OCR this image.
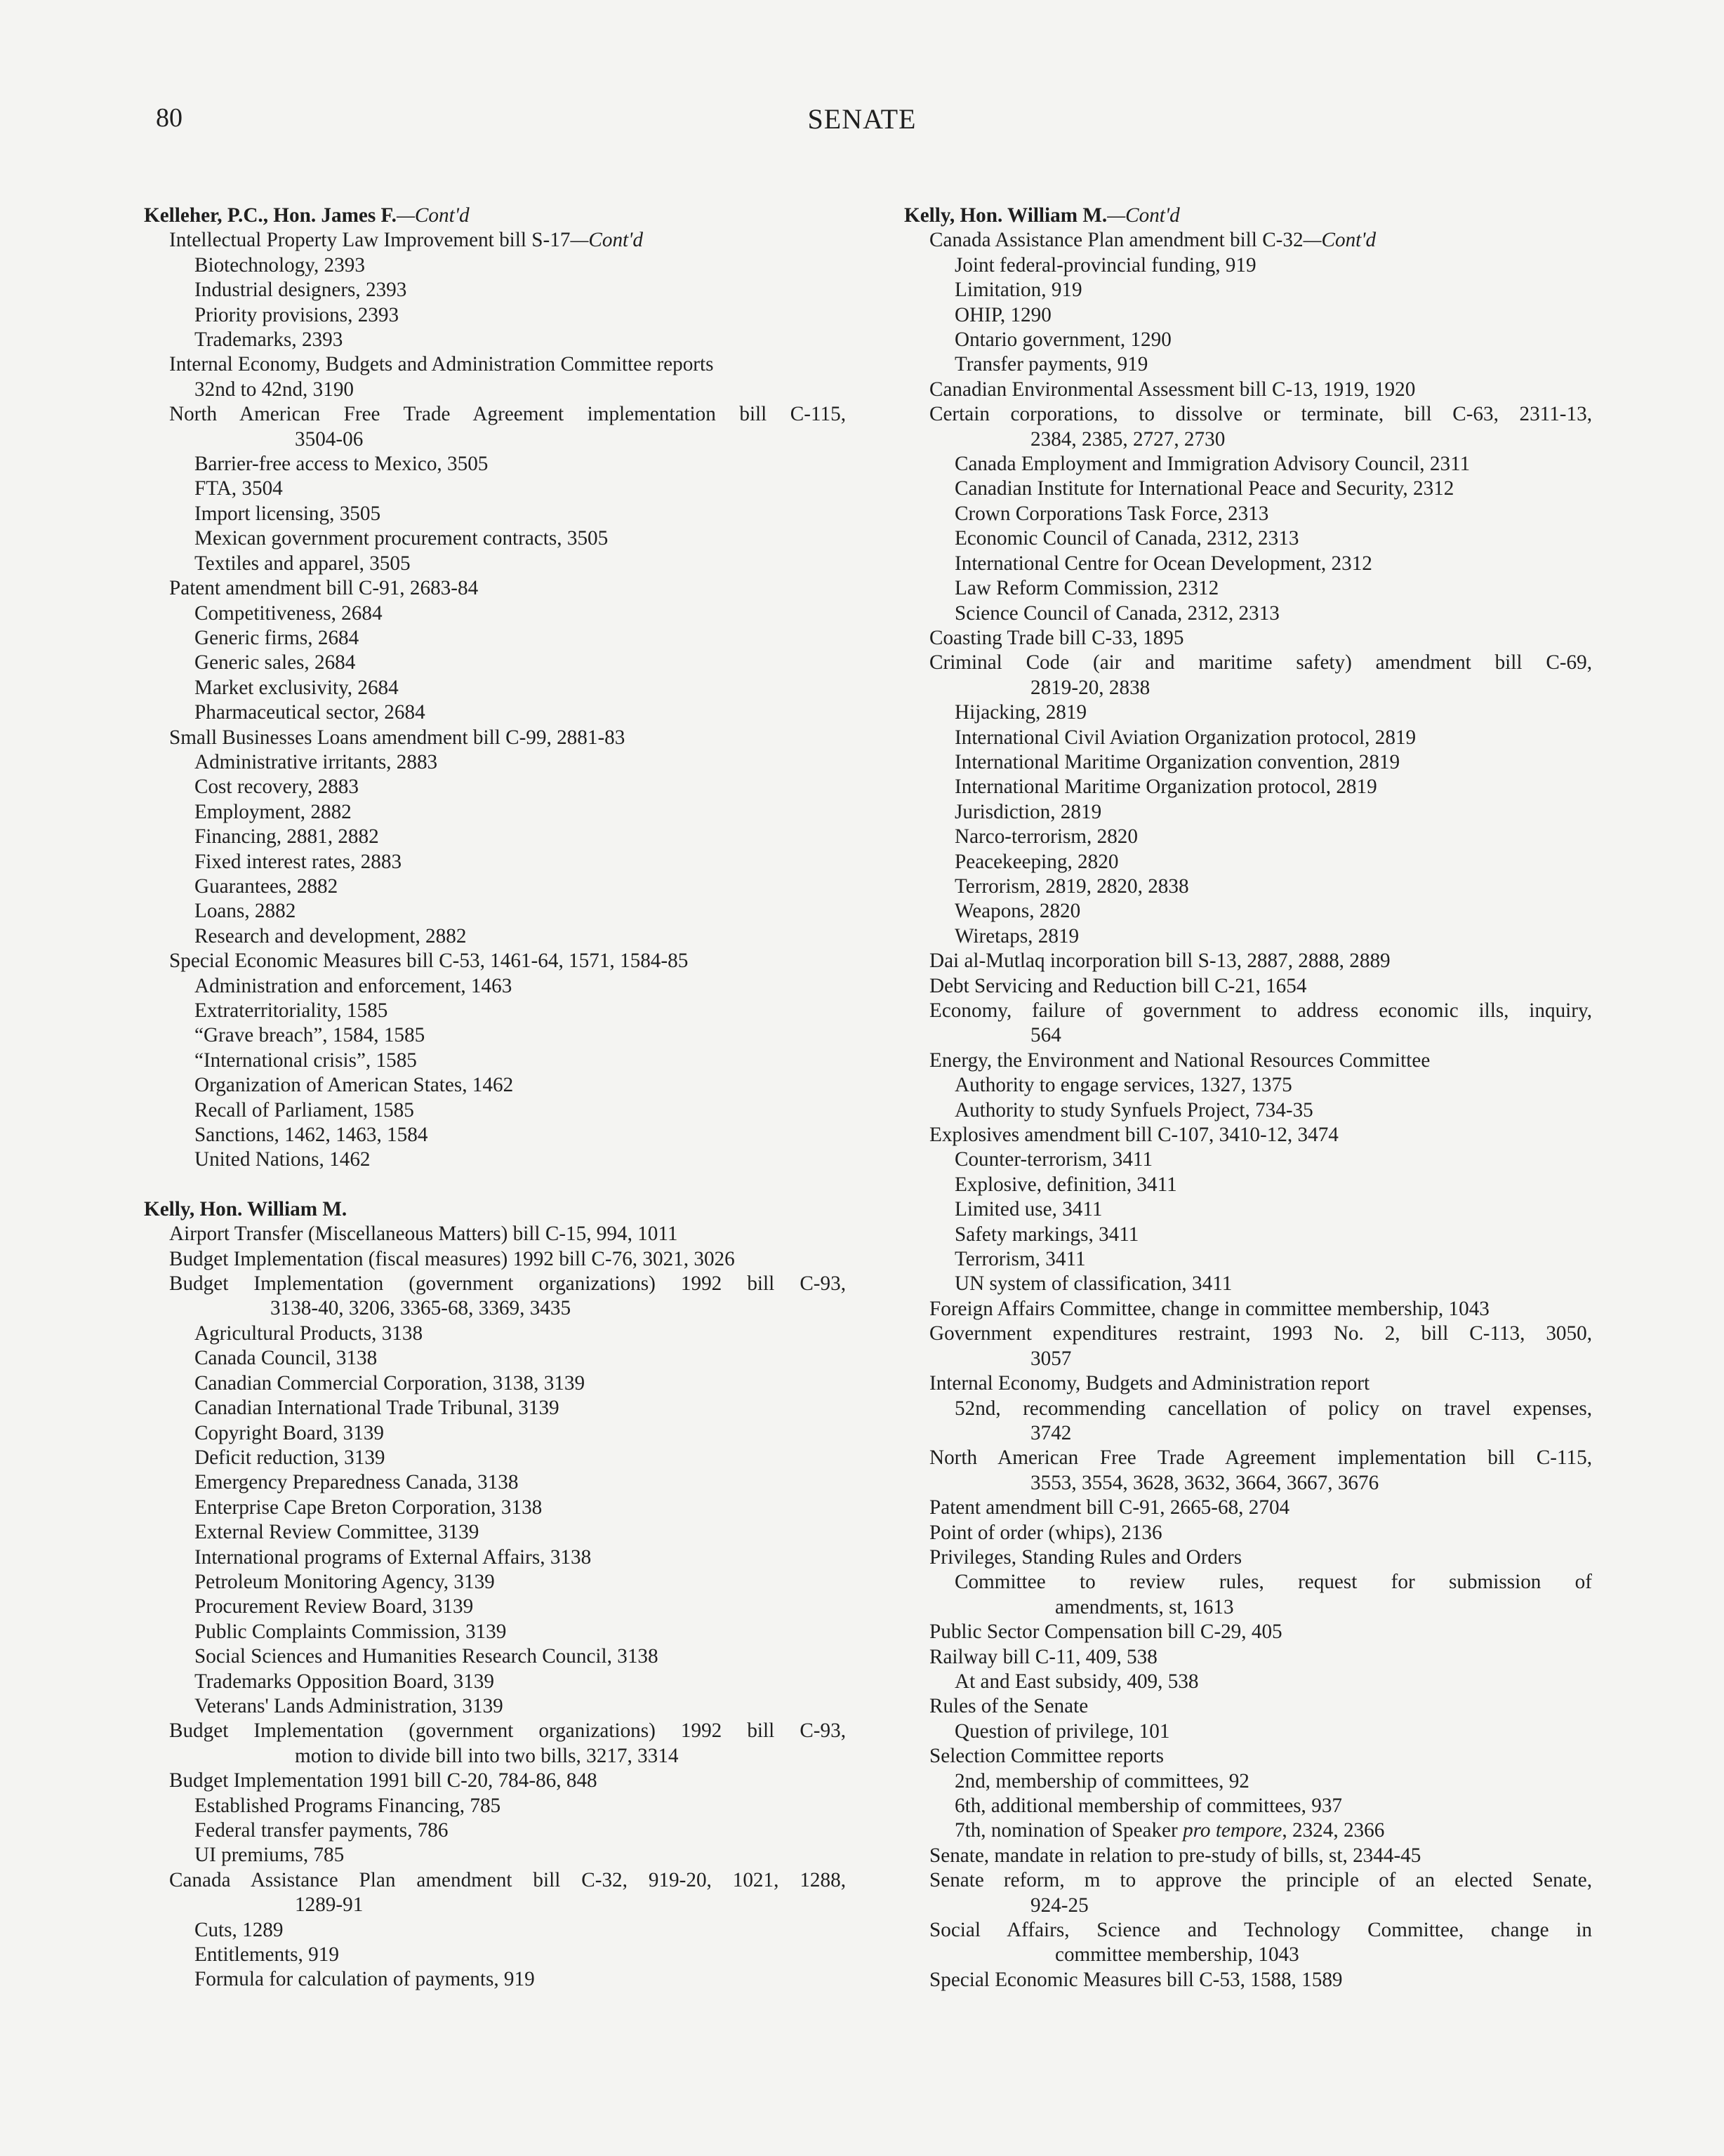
80	SENATE
Kelleher, P.C., Hon. James F.—Cont'd
Intellectual Property Law Improvement bill S-17—Cont'd
Biotechnology, 2393
Industrial designers, 2393
Priority provisions, 2393
Trademarks, 2393
Internal Economy, Budgets and Administration Committee reports
32nd to 42nd, 3190
North American Free Trade Agreement implementation bill C-115,
3504-06
Barrier-free access to Mexico, 3505
FTA, 3504
Import licensing, 3505
Mexican government procurement contracts, 3505
Textiles and apparel, 3505
Patent amendment bill C-91, 2683-84
Competitiveness, 2684
Generic firms, 2684
Generic sales, 2684
Market exclusivity, 2684
Pharmaceutical sector, 2684
Small Businesses Loans amendment bill C-99, 2881-83
Administrative irritants, 2883
Cost recovery, 2883
Employment, 2882
Financing, 2881, 2882
Fixed interest rates, 2883
Guarantees, 2882
Loans, 2882
Research and development, 2882
Special Economic Measures bill C-53, 1461-64, 1571, 1584-85
Administration and enforcement, 1463
Extraterritoriality, 1585
“Grave breach”, 1584, 1585
“International crisis”, 1585
Organization of American States, 1462
Recall of Parliament, 1585
Sanctions, 1462, 1463, 1584
United Nations, 1462
Kelly, Hon. William M.
Airport Transfer (Miscellaneous Matters) bill C-15, 994, 1011
Budget Implementation (fiscal measures) 1992 bill C-76, 3021, 3026
Budget Implementation (government organizations) 1992 bill C-93,
3138-40, 3206, 3365-68, 3369, 3435
Agricultural Products, 3138
Canada Council, 3138
Canadian Commercial Corporation, 3138, 3139
Canadian International Trade Tribunal, 3139
Copyright Board, 3139
Deficit reduction, 3139
Emergency Preparedness Canada, 3138
Enterprise Cape Breton Corporation, 3138
External Review Committee, 3139
International programs of External Affairs, 3138
Petroleum Monitoring Agency, 3139
Procurement Review Board, 3139
Public Complaints Commission, 3139
Social Sciences and Humanities Research Council, 3138
Trademarks Opposition Board, 3139
Veterans' Lands Administration, 3139
Budget Implementation (government organizations) 1992 bill C-93,
motion to divide bill into two bills, 3217, 3314
Budget Implementation 1991 bill C-20, 784-86, 848
Established Programs Financing, 785
Federal transfer payments, 786
UI premiums, 785
Canada Assistance Plan amendment bill C-32, 919-20, 1021, 1288,
1289-91
Cuts, 1289
Entitlements, 919
Formula for calculation of payments, 919
Kelly, Hon. William M.—Cont'd
Canada Assistance Plan amendment bill C-32—Cont'd
Joint federal-provincial funding, 919
Limitation, 919
OHIP, 1290
Ontario government, 1290
Transfer payments, 919
Canadian Environmental Assessment bill C-13, 1919, 1920
Certain corporations, to dissolve or terminate, bill C-63, 2311-13,
2384, 2385, 2727, 2730
Canada Employment and Immigration Advisory Council, 2311
Canadian Institute for International Peace and Security, 2312
Crown Corporations Task Force, 2313
Economic Council of Canada, 2312, 2313
International Centre for Ocean Development, 2312
Law Reform Commission, 2312
Science Council of Canada, 2312, 2313
Coasting Trade bill C-33, 1895
Criminal Code (air and maritime safety) amendment bill C-69,
2819-20, 2838
Hijacking, 2819
International Civil Aviation Organization protocol, 2819
International Maritime Organization convention, 2819
International Maritime Organization protocol, 2819
Jurisdiction, 2819
Narco-terrorism, 2820
Peacekeeping, 2820
Terrorism, 2819, 2820, 2838
Weapons, 2820
Wiretaps, 2819
Dai al-Mutlaq incorporation bill S-13, 2887, 2888, 2889
Debt Servicing and Reduction bill C-21, 1654
Economy, failure of government to address economic ills, inquiry,
564
Energy, the Environment and National Resources Committee
Authority to engage services, 1327, 1375
Authority to study Synfuels Project, 734-35
Explosives amendment bill C-107, 3410-12, 3474
Counter-terrorism, 3411
Explosive, definition, 3411
Limited use, 3411
Safety markings, 3411
Terrorism, 3411
UN system of classification, 3411
Foreign Affairs Committee, change in committee membership, 1043
Government expenditures restraint, 1993 No. 2, bill C-113, 3050,
3057
Internal Economy, Budgets and Administration report
52nd, recommending cancellation of policy on travel expenses,
3742
North American Free Trade Agreement implementation bill C-115,
3553, 3554, 3628, 3632, 3664, 3667, 3676
Patent amendment bill C-91, 2665-68, 2704
Point of order (whips), 2136
Privileges, Standing Rules and Orders
Committee to review rules, request for submission of
amendments, st, 1613
Public Sector Compensation bill C-29, 405
Railway bill C-11, 409, 538
At and East subsidy, 409, 538
Rules of the Senate
Question of privilege, 101
Selection Committee reports
2nd, membership of committees, 92
6th, additional membership of committees, 937
7th, nomination of Speaker pro tempore, 2324, 2366
Senate, mandate in relation to pre-study of bills, st, 2344-45
Senate reform, m to approve the principle of an elected Senate,
924-25
Social Affairs, Science and Technology Committee, change in
committee membership, 1043
Special Economic Measures bill C-53, 1588, 1589
